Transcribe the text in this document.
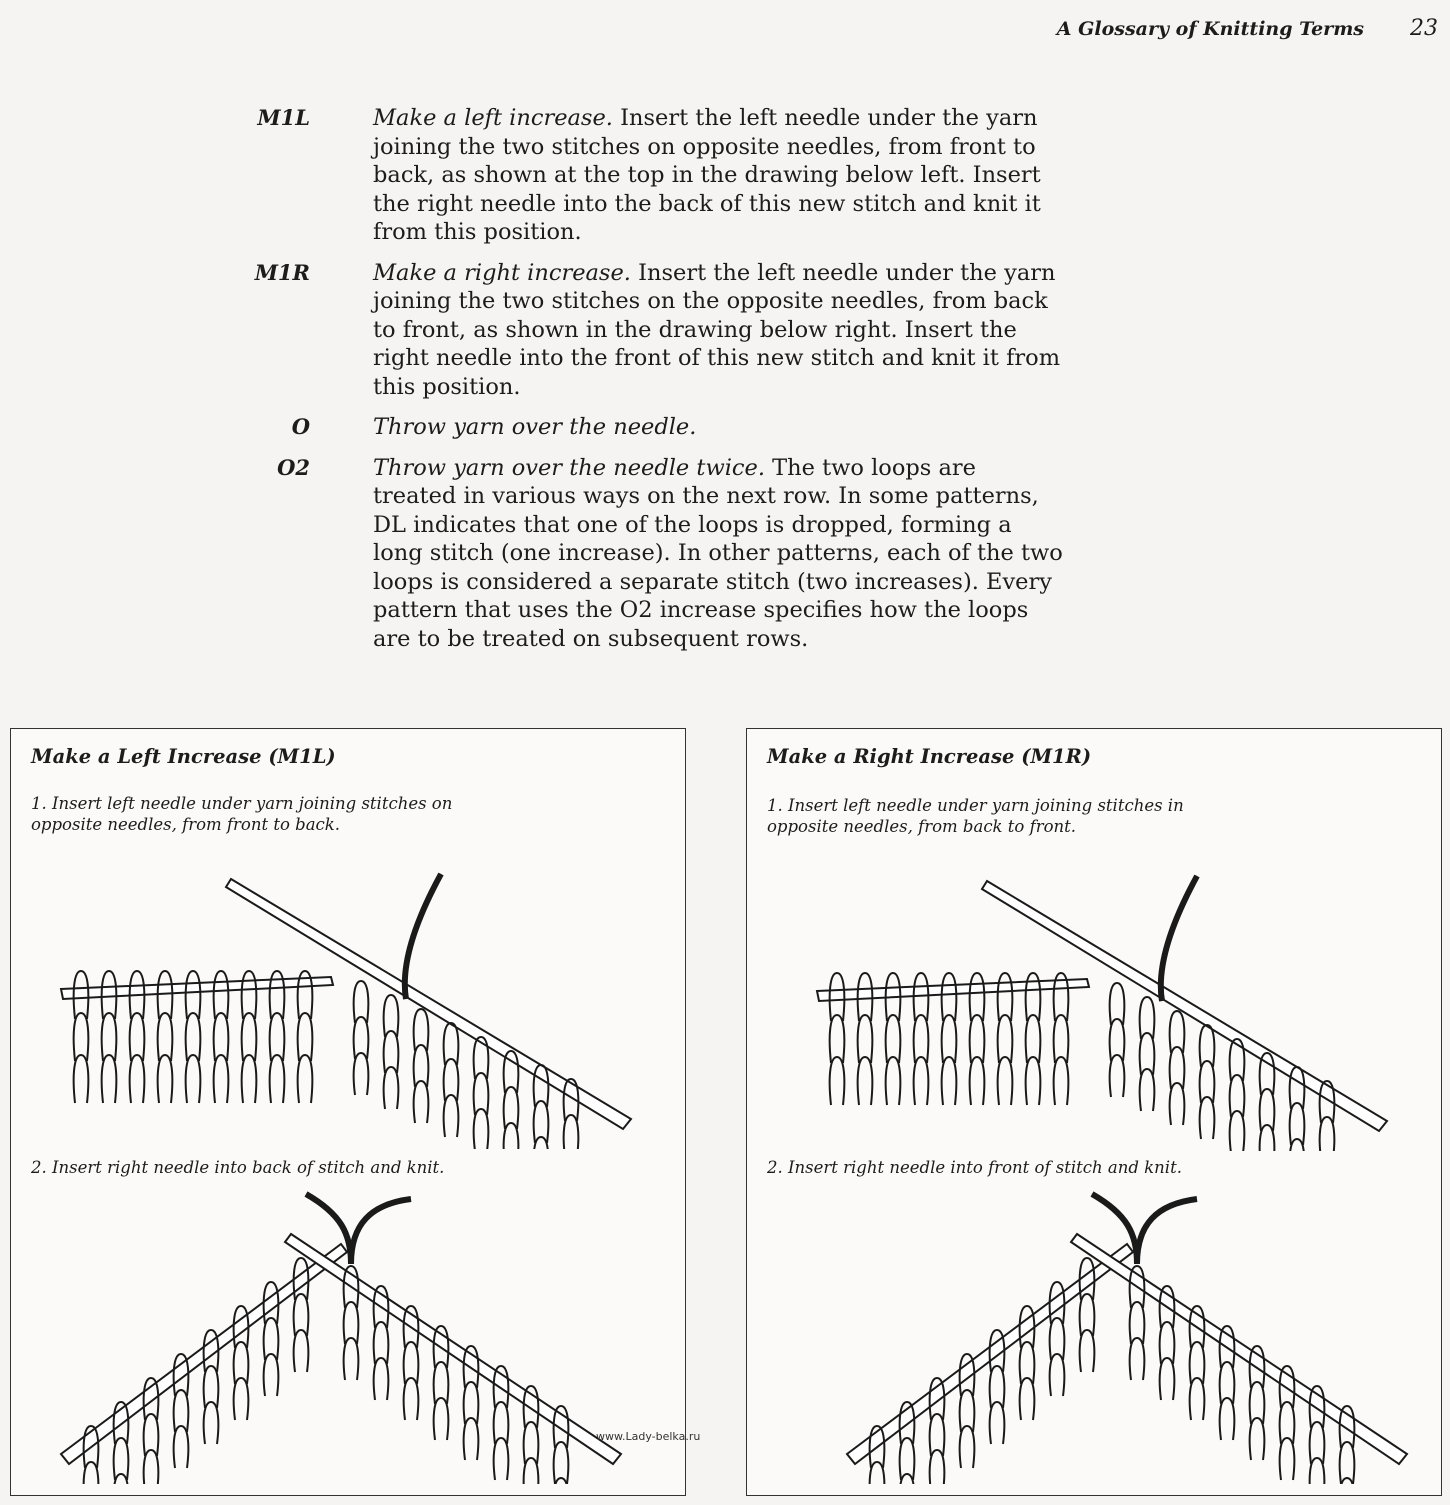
A Glossary of Knitting Terms 23
M1L	Make a left increase. Insert the left needle under the yarn joining the two stitches on opposite needles, from front to back, as shown at the top in the drawing below left. Insert the right needle into the back of this new stitch and knit it from this position.
M1R	Make a right increase. Insert the left needle under the yarn joining the two stitches on the opposite needles, from back to front, as shown in the drawing below right. Insert the right needle into the front of this new stitch and knit it from this position.
O	Throw yarn over the needle.
O2	Throw yarn over the needle twice. The two loops are treated in various ways on the next row. In some patterns, DL indicates that one of the loops is dropped, forming a long stitch (one increase). In other patterns, each of the two loops is considered a separate stitch (two increases). Every pattern that uses the O2 increase specifies how the loops are to be treated on subsequent rows.
Make a Left Increase (M1L)
1. Insert left needle under yarn joining stitches on opposite needles, from front to back.
2. Insert right needle into back of stitch and knit.
Make a Right Increase (M1R)
1. Insert left needle under yarn joining stitches in opposite needles, from back to front.
2. Insert right needle into front of stitch and knit.
www.Lady-belka.ru
